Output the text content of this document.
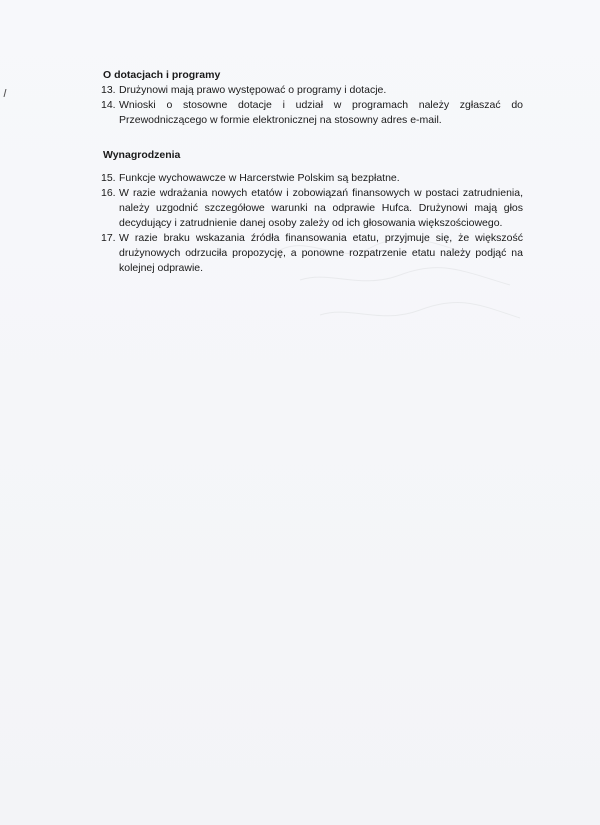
O dotacjach i programy
13. Drużynowi mają prawo występować o programy i dotacje.
14. Wnioski o stosowne dotacje i udział w programach należy zgłaszać do Przewodniczącego w formie elektronicznej na stosowny adres e-mail.
Wynagrodzenia
15. Funkcje wychowawcze w Harcerstwie Polskim są bezpłatne.
16. W razie wdrażania nowych etatów i zobowiązań finansowych w postaci zatrudnienia, należy uzgodnić szczegółowe warunki na odprawie Hufca. Drużynowi mają głos decydujący i zatrudnienie danej osoby zależy od ich głosowania większościowego.
17. W razie braku wskazania źródła finansowania etatu, przyjmuje się, że większość drużynowych odrzuciła propozycję, a ponowne rozpatrzenie etatu należy podjąć na kolejnej odprawie.
